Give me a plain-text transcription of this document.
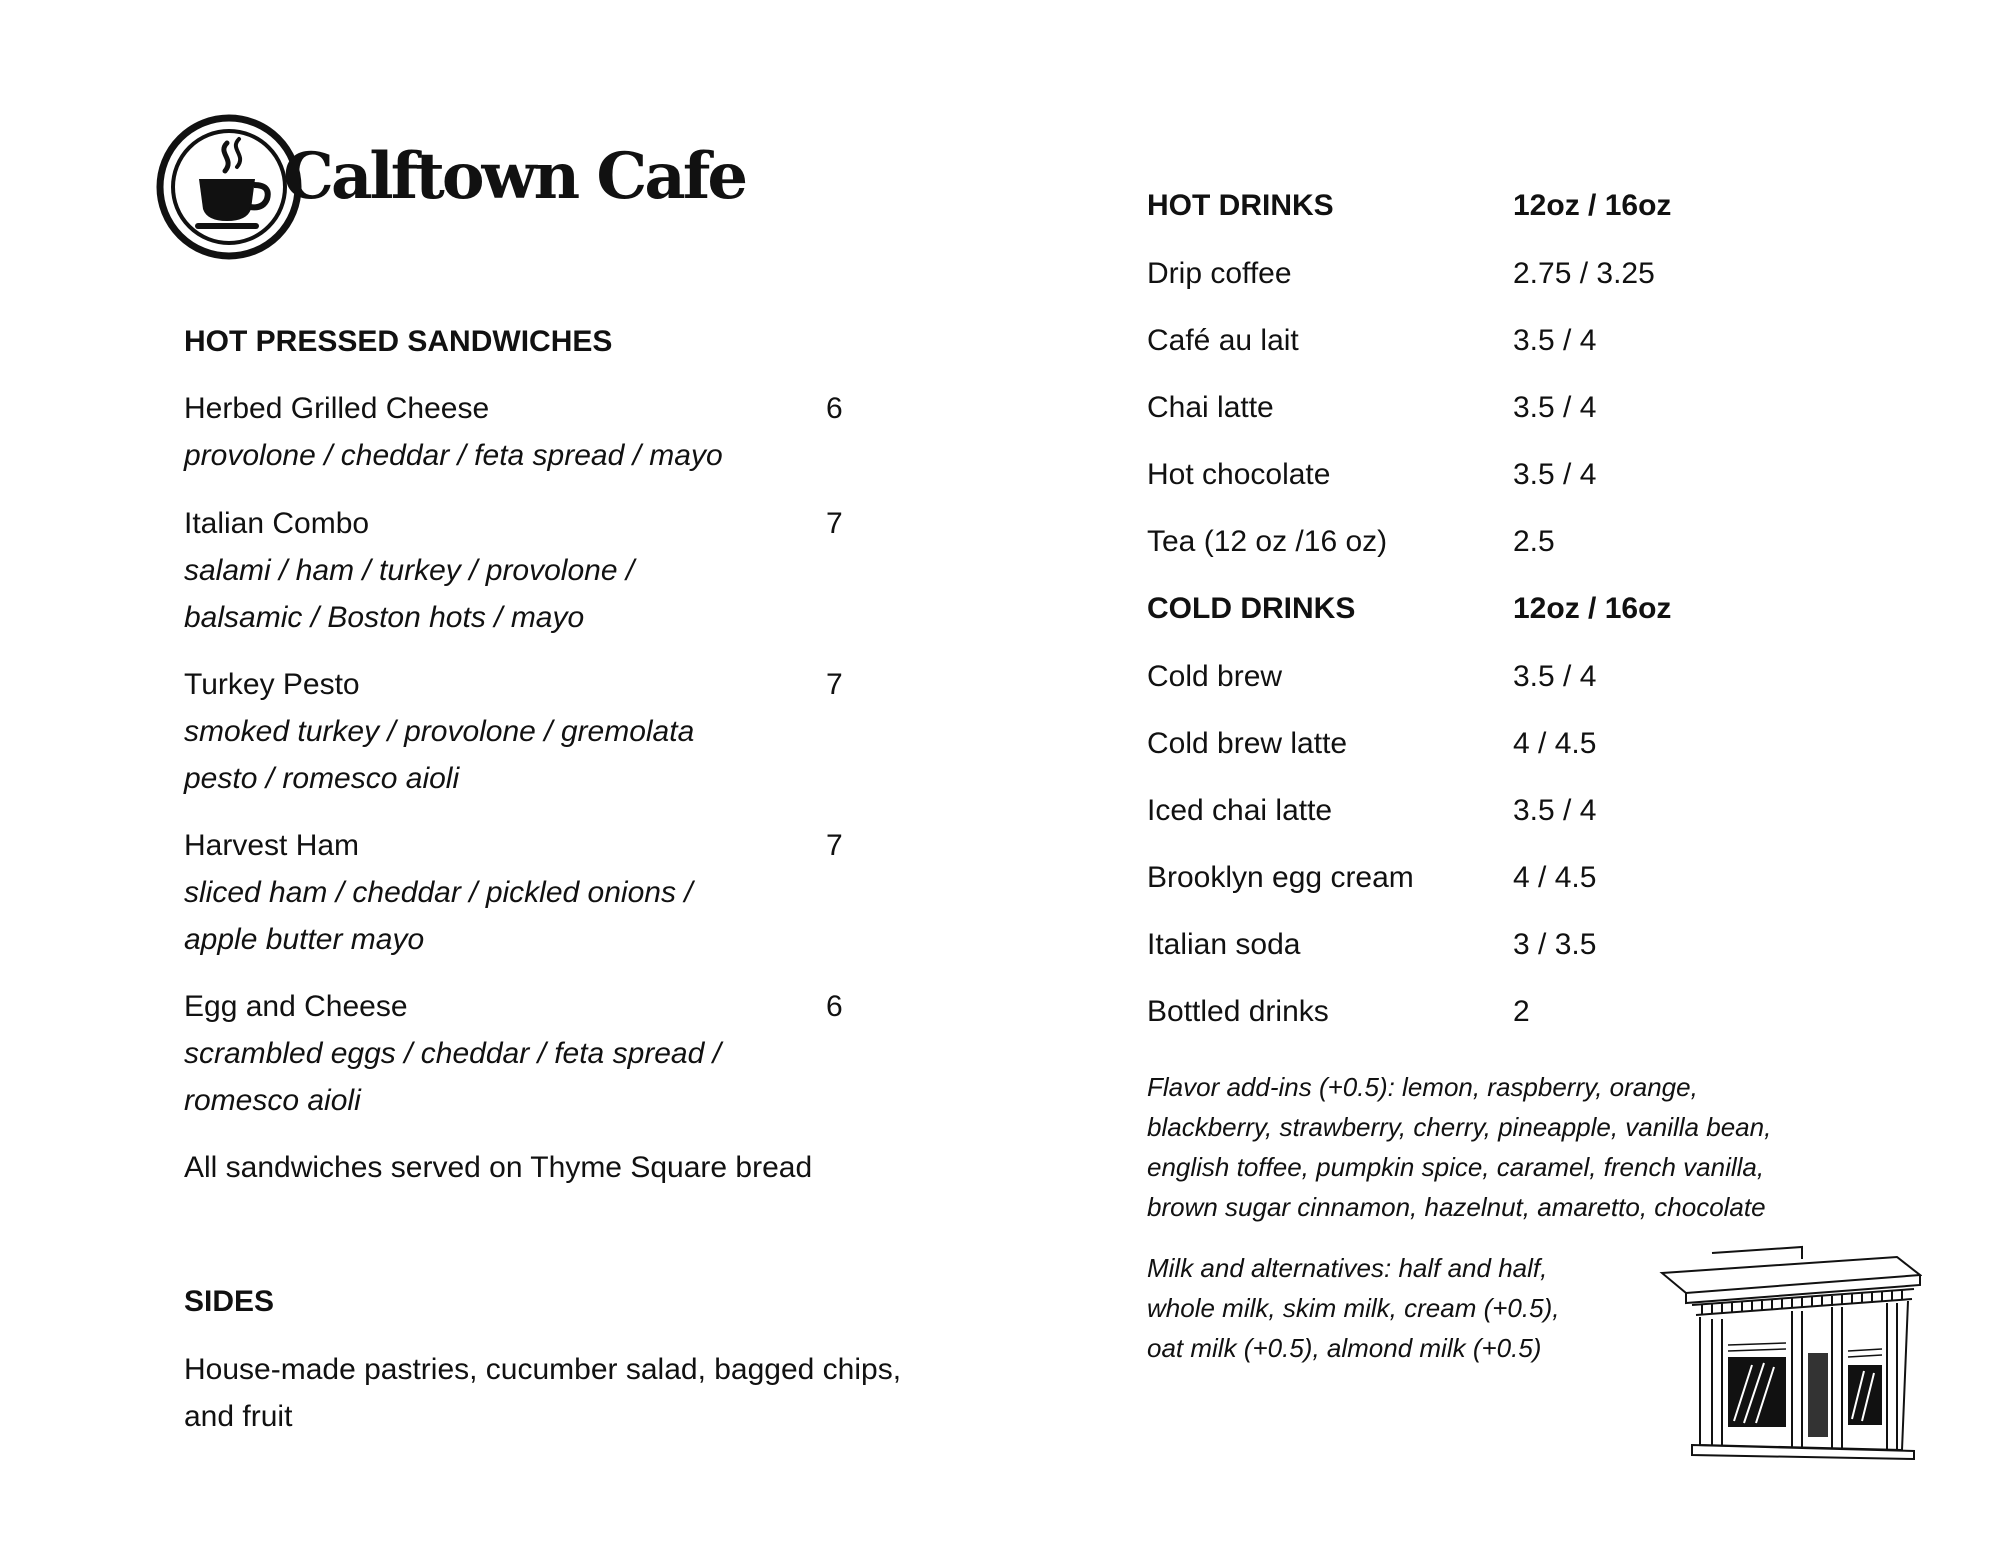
Calftown Cafe
HOT PRESSED SANDWICHES
Herbed Grilled Cheese	6
provolone / cheddar / feta spread / mayo
Italian Combo	7
salami / ham / turkey / provolone /
balsamic / Boston hots / mayo
Turkey Pesto	7
smoked turkey / provolone / gremolata
pesto / romesco aioli
Harvest Ham	7
sliced ham / cheddar / pickled onions /
apple butter mayo
Egg and Cheese	6
scrambled eggs / cheddar / feta spread /
romesco aioli
All sandwiches served on Thyme Square bread
SIDES
House-made pastries, cucumber salad, bagged chips,
and fruit
HOT DRINKS	12oz / 16oz
Drip coffee	2.75 / 3.25
Café au lait	3.5 / 4
Chai latte	3.5 / 4
Hot chocolate	3.5 / 4
Tea (12 oz /16 oz)	2.5
COLD DRINKS	12oz / 16oz
Cold brew	3.5 / 4
Cold brew latte	4 / 4.5
Iced chai latte	3.5 / 4
Brooklyn egg cream	4 / 4.5
Italian soda	3 / 3.5
Bottled drinks	2
Flavor add-ins (+0.5): lemon, raspberry, orange,
blackberry, strawberry, cherry, pineapple, vanilla bean,
english toffee, pumpkin spice, caramel, french vanilla,
brown sugar cinnamon, hazelnut, amaretto, chocolate
Milk and alternatives: half and half,
whole milk, skim milk, cream (+0.5),
oat milk (+0.5), almond milk (+0.5)
